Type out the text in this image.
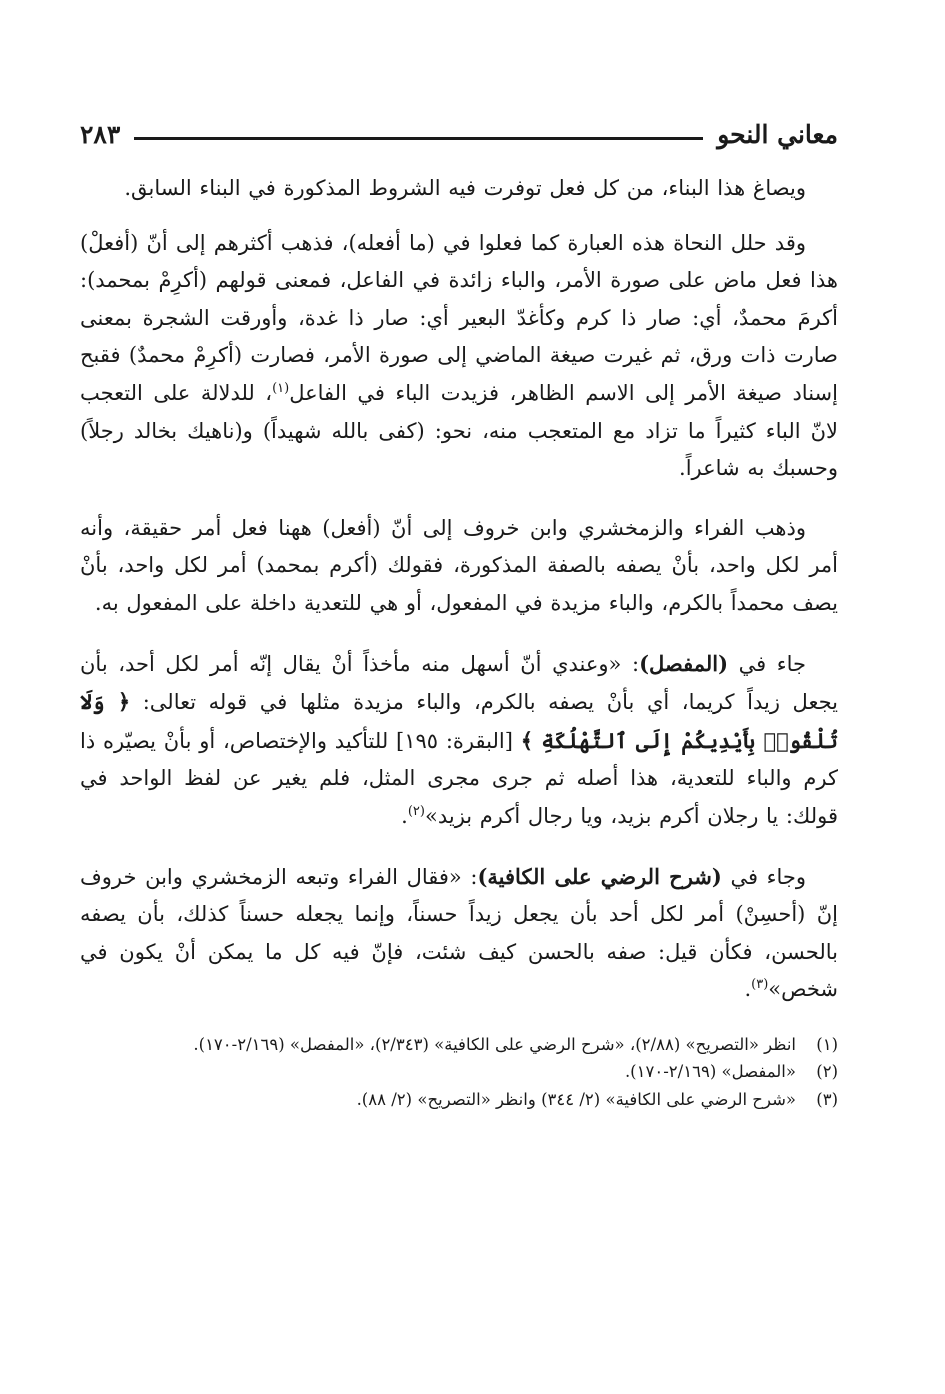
معاني النحو
٢٨٣

ويصاغ هذا البناء، من كل فعل توفرت فيه الشروط المذكورة في البناء السابق.

وقد حلل النحاة هذه العبارة كما فعلوا في (ما أفعله)، فذهب أكثرهم إلى أنّ (أفعلْ) هذا فعل ماض على صورة الأمر، والباء زائدة في الفاعل، فمعنى قولهم (أكرِمْ بمحمد): أكرمَ محمدٌ، أي: صار ذا كرم وكأغدّ البعير أي: صار ذا غدة، وأورقت الشجرة بمعنى صارت ذات ورق، ثم غيرت صيغة الماضي إلى صورة الأمر، فصارت (أكرِمْ محمدٌ) فقبح إسناد صيغة الأمر إلى الاسم الظاهر، فزيدت الباء في الفاعل$^{(١)}$، للدلالة على التعجب لانّ الباء كثيراً ما تزاد مع المتعجب منه، نحو: (كفى بالله شهيداً) و(ناهيك بخالد رجلاً) وحسبك به شاعراً.

وذهب الفراء والزمخشري وابن خروف إلى أنّ (أفعل) ههنا فعل أمر حقيقة، وأنه أمر لكل واحد، بأنْ يصفه بالصفة المذكورة، فقولك (أكرم بمحمد) أمر لكل واحد، بأنْ يصف محمداً بالكرم، والباء مزيدة في المفعول، أو هي للتعدية داخلة على المفعول به.

جاء في (المفصل): «وعندي أنّ أسهل منه مأخذاً أنْ يقال إنّه أمر لكل أحد، بأن يجعل زيداً كريما، أي بأنْ يصفه بالكرم، والباء مزيدة مثلها في قوله تعالى: ﴿ وَلَا تُلْقُوا۟ بِأَيْدِيكُمْ إِلَى ٱلتَّهْلُكَةِ ﴾ [البقرة: ١٩٥] للتأكيد والإختصاص، أو بأنْ يصيّره ذا كرم والباء للتعدية، هذا أصله ثم جرى مجرى المثل، فلم يغير عن لفظ الواحد في قولك: يا رجلان أكرم بزيد، ويا رجال أكرم بزيد»$^{(٢)}$.

وجاء في (شرح الرضي على الكافية): «فقال الفراء وتبعه الزمخشري وابن خروف إنّ (أحسِنْ) أمر لكل أحد بأن يجعل زيداً حسناً، وإنما يجعله حسناً كذلك، بأن يصفه بالحسن، فكأن قيل: صفه بالحسن كيف شئت، فإنّ فيه كل ما يمكن أنْ يكون في شخص»$^{(٣)}$.

(١)
انظر «التصريح» (٢/٨٨)، «شرح الرضي على الكافية» (٢/٣٤٣)، «المفصل» (٢/١٦٩-١٧٠).
(٢)
«المفصل» (٢/١٦٩-١٧٠).
(٣)
«شرح الرضي على الكافية» (٢/ ٣٤٤) وانظر «التصريح» (٢/ ٨٨).
